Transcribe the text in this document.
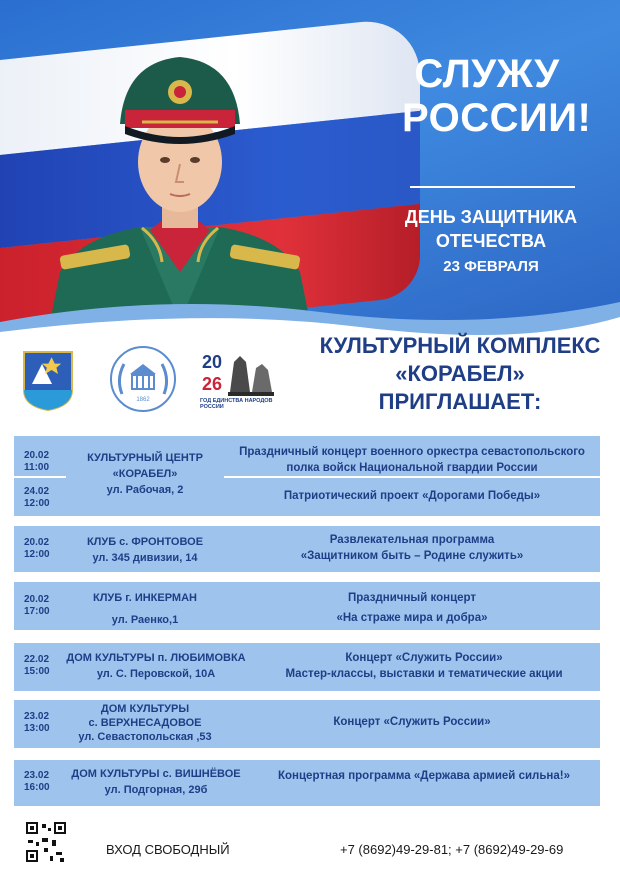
СЛУЖУ
РОССИИ!
ДЕНЬ ЗАЩИТНИКА
ОТЕЧЕСТВА
23 ФЕВРАЛЯ
1862
20
26
ГОД ЕДИНСТВА НАРОДОВ РОССИИ
КУЛЬТУРНЫЙ КОМПЛЕКС
«КОРАБЕЛ»
ПРИГЛАШАЕТ:
20.02
11:00
24.02
12:00
КУЛЬТУРНЫЙ ЦЕНТР
«КОРАБЕЛ»
ул. Рабочая, 2
Праздничный концерт военного оркестра севастопольского
полка войск Национальной гвардии России
Патриотический проект «Дорогами Победы»
20.02
12:00
КЛУБ с. ФРОНТОВОЕ
ул. 345 дивизии, 14
Развлекательная программа
«Защитником быть – Родине служить»
20.02
17:00
КЛУБ г. ИНКЕРМАН
ул. Раенко,1
Праздничный концерт
«На страже мира и добра»
22.02
15:00
ДОМ КУЛЬТУРЫ п. ЛЮБИМОВКА
ул. С. Перовской, 10А
Концерт «Служить России»
Мастер-классы, выставки и тематические акции
23.02
13:00
ДОМ КУЛЬТУРЫ
с. ВЕРХНЕСАДОВОЕ
ул. Севастопольская ,53
Концерт «Служить России»
23.02
16:00
ДОМ КУЛЬТУРЫ с. ВИШНЁВОЕ
ул. Подгорная, 29б
Концертная программа «Держава армией сильна!»
ВХОД СВОБОДНЫЙ	+7 (8692)49-29-81; +7 (8692)49-29-69
